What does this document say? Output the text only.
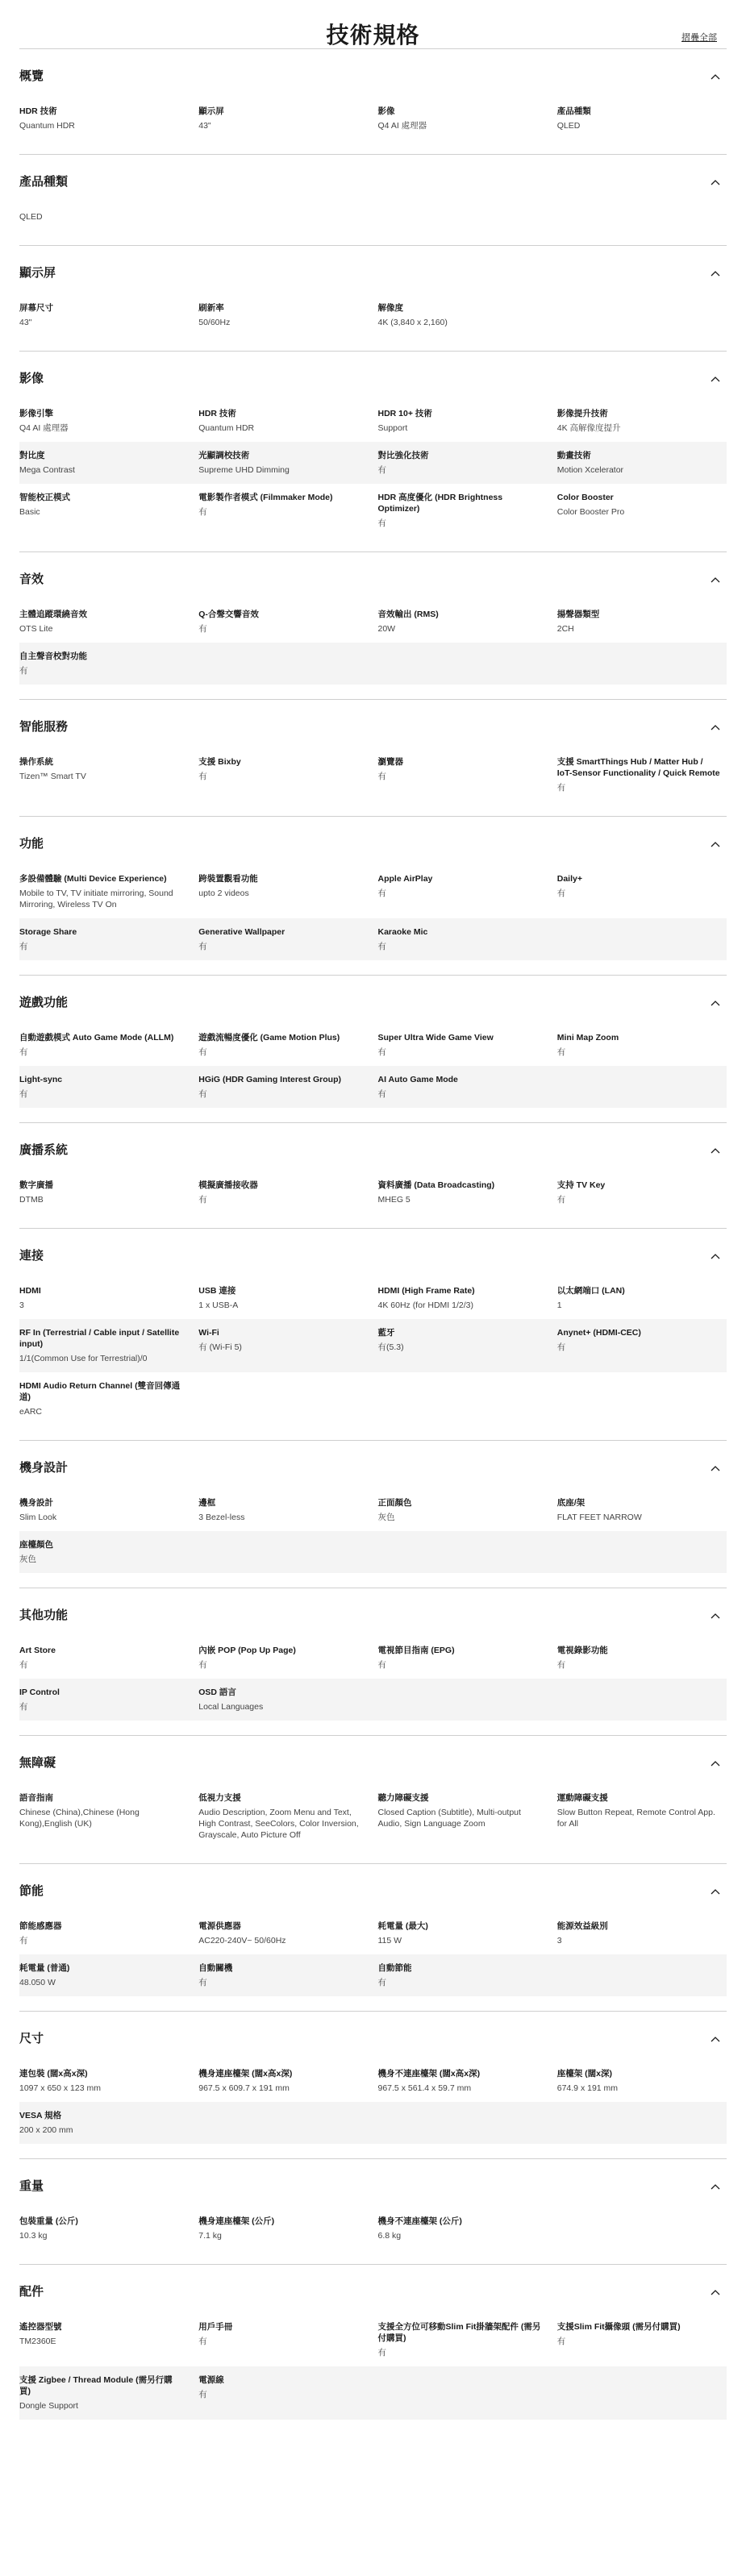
技術規格	摺疊全部
概覽
HDR 技術
Quantum HDR
顯示屏
43"
影像
Q4 AI 處理器
產品種類
QLED
產品種類
QLED
顯示屏
屏幕尺寸
43"
刷新率
50/60Hz
解像度
4K (3,840 x 2,160)
影像
影像引擎
Q4 AI 處理器
HDR 技術
Quantum HDR
HDR 10+ 技術
Support
影像提升技術
4K 高解像度提升
對比度
Mega Contrast
光顯調校技術
Supreme UHD Dimming
對比強化技術
有
動畫技術
Motion Xcelerator
智能校正模式
Basic
電影製作者模式 (Filmmaker Mode)
有
HDR 高度優化 (HDR Brightness Optimizer)
有
Color Booster
Color Booster Pro
音效
主體追蹤環繞音效
OTS Lite
Q-合聲交響音效
有
音效輸出 (RMS)
20W
揚聲器類型
2CH
自主聲音校對功能
有
智能服務
操作系統
Tizen™ Smart TV
支援 Bixby
有
瀏覽器
有
支援 SmartThings Hub / Matter Hub / IoT-Sensor Functionality / Quick Remote
有
功能
多設備體驗 (Multi Device Experience)
Mobile to TV, TV initiate mirroring, Sound Mirroring, Wireless TV On
跨裝置觀看功能
upto 2 videos
Apple AirPlay
有
Daily+
有
Storage Share
有
Generative Wallpaper
有
Karaoke Mic
有
遊戲功能
自動遊戲模式 Auto Game Mode (ALLM)
有
遊戲流暢度優化 (Game Motion Plus)
有
Super Ultra Wide Game View
有
Mini Map Zoom
有
Light-sync
有
HGiG (HDR Gaming Interest Group)
有
AI Auto Game Mode
有
廣播系統
數字廣播
DTMB
模擬廣播接收器
有
資料廣播 (Data Broadcasting)
MHEG 5
支持 TV Key
有
連接
HDMI
3
USB 連接
1 x USB-A
HDMI (High Frame Rate)
4K 60Hz (for HDMI 1/2/3)
以太網端口 (LAN)
1
RF In (Terrestrial / Cable input / Satellite input)
1/1(Common Use for Terrestrial)/0
Wi-Fi
有 (Wi-Fi 5)
藍牙
有(5.3)
Anynet+ (HDMI-CEC)
有
HDMI Audio Return Channel (雙音回傳通道)
eARC
機身設計
機身設計
Slim Look
邊框
3 Bezel-less
正面顏色
灰色
底座/架
FLAT FEET NARROW
座檯顏色
灰色
其他功能
Art Store
有
內嵌 POP (Pop Up Page)
有
電視節目指南 (EPG)
有
電視錄影功能
有
IP Control
有
OSD 語言
Local Languages
無障礙
語音指南
Chinese (China),Chinese (Hong Kong),English (UK)
低視力支援
Audio Description, Zoom Menu and Text, High Contrast, SeeColors, Color Inversion, Grayscale, Auto Picture Off
聽力障礙支援
Closed Caption (Subtitle), Multi-output Audio, Sign Language Zoom
運動障礙支援
Slow Button Repeat, Remote Control App. for All
節能
節能感應器
有
電源供應器
AC220-240V~ 50/60Hz
耗電量 (最大)
115 W
能源效益級別
3
耗電量 (普通)
48.050 W
自動關機
有
自動節能
有
尺寸
連包裝 (闊x高x深)
1097 x 650 x 123 mm
機身連座檯架 (闊x高x深)
967.5 x 609.7 x 191 mm
機身不連座檯架 (闊x高x深)
967.5 x 561.4 x 59.7 mm
座檯架 (闊x深)
674.9 x 191 mm
VESA 規格
200 x 200 mm
重量
包裝重量 (公斤)
10.3 kg
機身連座檯架 (公斤)
7.1 kg
機身不連座檯架 (公斤)
6.8 kg
配件
遙控器型號
TM2360E
用戶手冊
有
支援全方位可移動Slim Fit掛牆架配件 (需另付購買)
有
支援Slim Fit攝像頭 (需另付購買)
有
支援 Zigbee / Thread Module (需另行購買)
Dongle Support
電源線
有
